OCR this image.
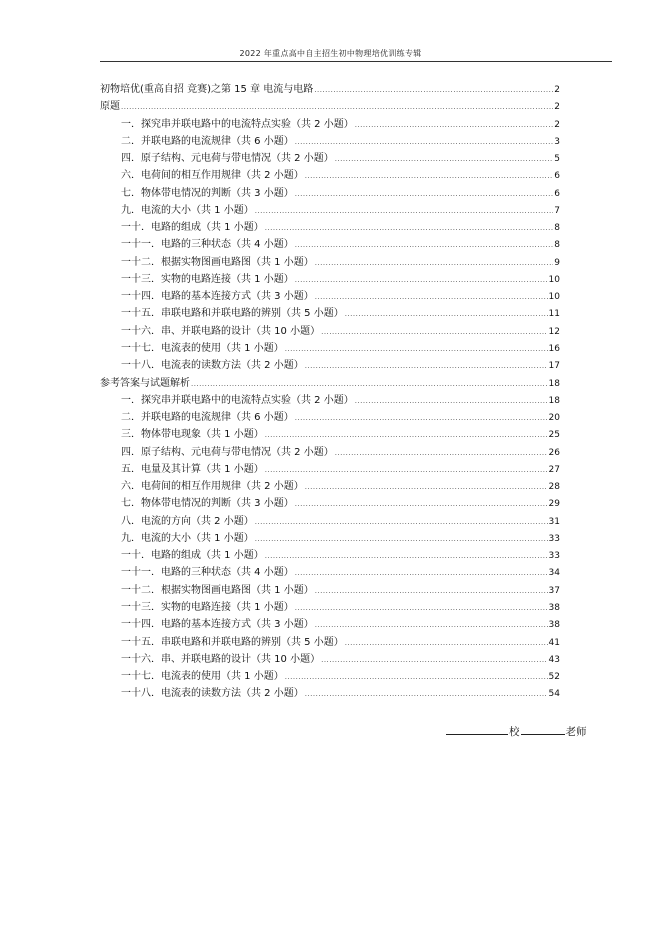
2022 年重点高中自主招生初中物理培优训练专辑
初物培优(重高自招 竞赛)之第 15 章 电流与电路 .....	2
原题 .....	2
一．探究串并联电路中的电流特点实验（共 2 小题） .....	2
二．并联电路的电流规律（共 6 小题） .....	3
四．原子结构、元电荷与带电情况（共 2 小题） .....	5
六．电荷间的相互作用规律（共 2 小题） .....	6
七．物体带电情况的判断（共 3 小题） .....	6
九．电流的大小（共 1 小题） .....	7
一十．电路的组成（共 1 小题） .....	8
一十一．电路的三种状态（共 4 小题） .....	8
一十二．根据实物图画电路图（共 1 小题） .....	9
一十三．实物的电路连接（共 1 小题） .....	10
一十四．电路的基本连接方式（共 3 小题） .....	10
一十五．串联电路和并联电路的辨别（共 5 小题） .....	11
一十六．串、并联电路的设计（共 10 小题） .....	12
一十七．电流表的使用（共 1 小题） .....	16
一十八．电流表的读数方法（共 2 小题） .....	17
参考答案与试题解析 .....	18
一．探究串并联电路中的电流特点实验（共 2 小题） .....	18
二．并联电路的电流规律（共 6 小题） .....	20
三．物体带电现象（共 1 小题） .....	25
四．原子结构、元电荷与带电情况（共 2 小题） .....	26
五．电量及其计算（共 1 小题） .....	27
六．电荷间的相互作用规律（共 2 小题） .....	28
七．物体带电情况的判断（共 3 小题） .....	29
八．电流的方向（共 2 小题） .....	31
九．电流的大小（共 1 小题） .....	33
一十．电路的组成（共 1 小题） .....	33
一十一．电路的三种状态（共 4 小题） .....	34
一十二．根据实物图画电路图（共 1 小题） .....	37
一十三．实物的电路连接（共 1 小题） .....	38
一十四．电路的基本连接方式（共 3 小题） .....	38
一十五．串联电路和并联电路的辨别（共 5 小题） .....	41
一十六．串、并联电路的设计（共 10 小题） .....	43
一十七．电流表的使用（共 1 小题） .....	52
一十八．电流表的读数方法（共 2 小题） .....	54
校	老师
